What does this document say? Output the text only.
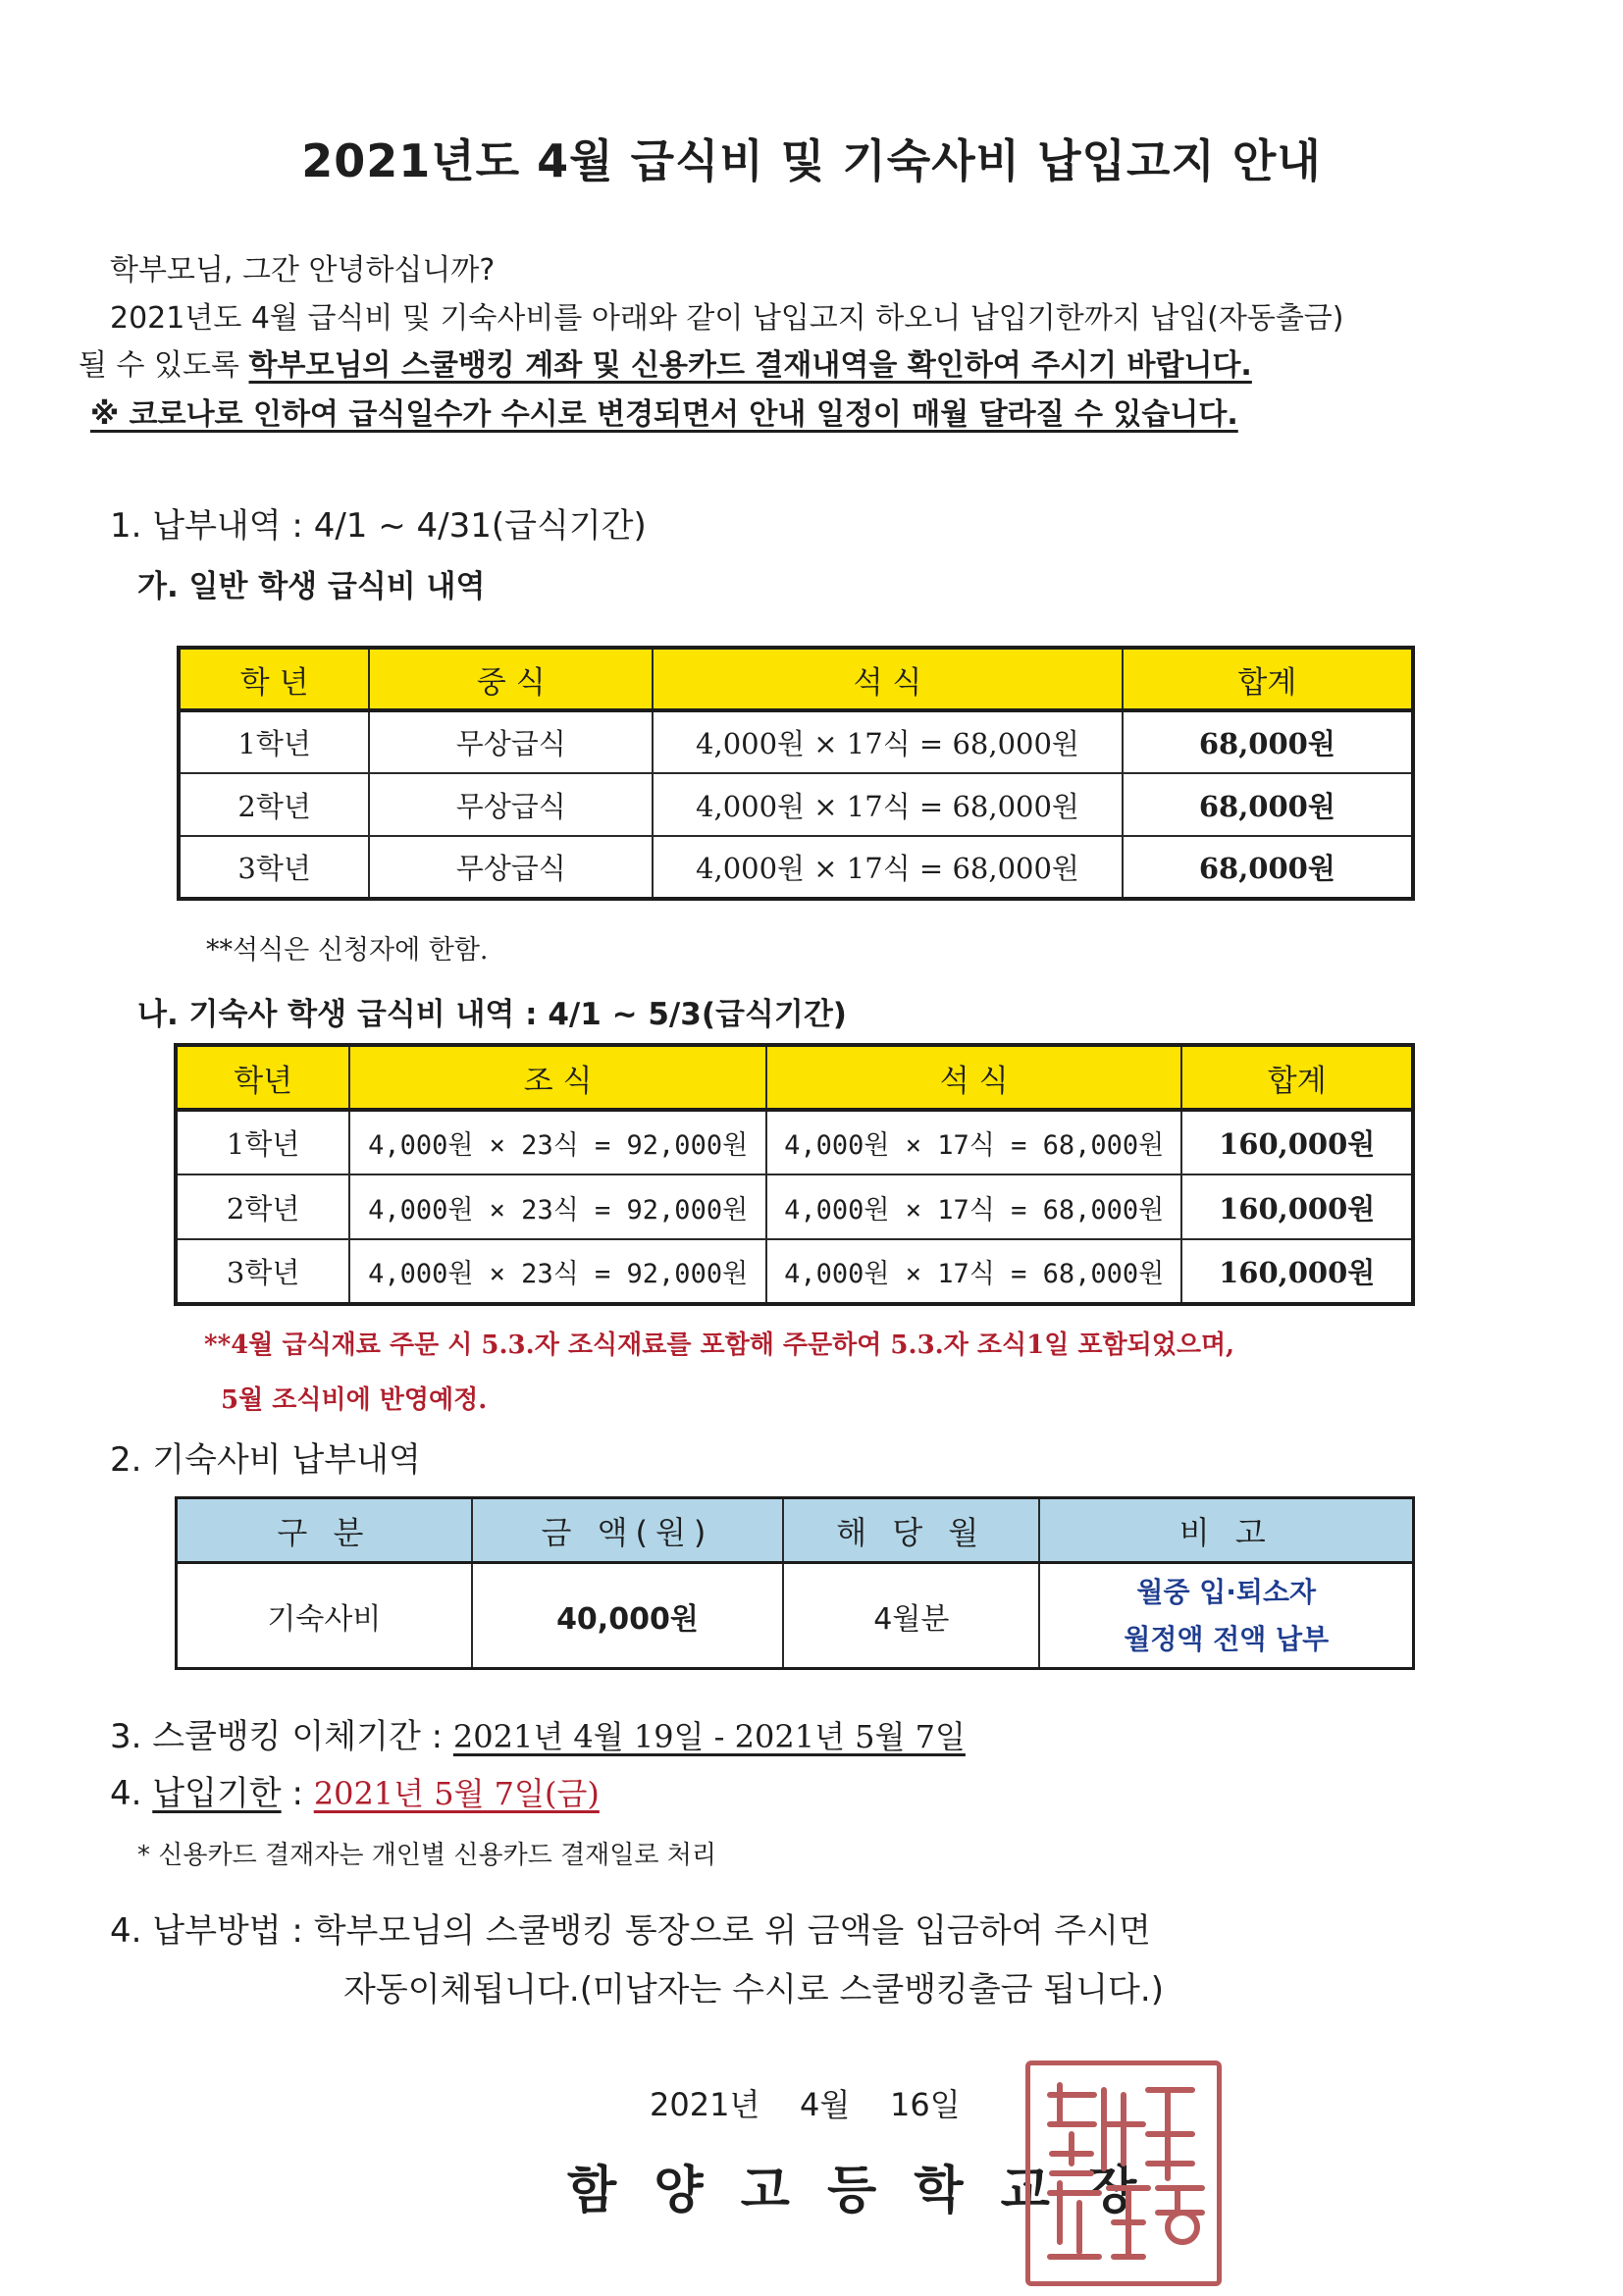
2021년도 4월 급식비 및 기숙사비 납입고지 안내
학부모님, 그간 안녕하십니까?
2021년도 4월 급식비 및 기숙사비를 아래와 같이 납입고지 하오니 납입기한까지 납입(자동출금)
될 수 있도록 학부모님의 스쿨뱅킹 계좌 및 신용카드 결재내역을 확인하여 주시기 바랍니다.
※ 코로나로 인하여 급식일수가 수시로 변경되면서 안내 일정이 매월 달라질 수 있습니다.
1. 납부내역 : 4/1 ~ 4/31(급식기간)
가. 일반 학생 급식비 내역
학 년	중 식	석 식	합계
1학년	무상급식	4,000원 × 17식 = 68,000원	68,000원
2학년	무상급식	4,000원 × 17식 = 68,000원	68,000원
3학년	무상급식	4,000원 × 17식 = 68,000원	68,000원
**석식은 신청자에 한함.
나. 기숙사 학생 급식비 내역 : 4/1 ~ 5/3(급식기간)
학년	조 식	석 식	합계
1학년	4,000원 × 23식 = 92,000원	4,000원 × 17식 = 68,000원	160,000원
2학년	4,000원 × 23식 = 92,000원	4,000원 × 17식 = 68,000원	160,000원
3학년	4,000원 × 23식 = 92,000원	4,000원 × 17식 = 68,000원	160,000원
**4월 급식재료 주문 시 5.3.자 조식재료를 포함해 주문하여 5.3.자 조식1일 포함되었으며,
5월 조식비에 반영예정.
2. 기숙사비 납부내역
구 분	금 액(원)	해 당 월	비 고
기숙사비	40,000원	4월분	월중 입·퇴소자
월정액 전액 납부
3. 스쿨뱅킹 이체기간 : 2021년 4월 19일 - 2021년 5월 7일
4. 납입기한 : 2021년 5월 7일(금)
* 신용카드 결재자는 개인별 신용카드 결재일로 처리
4. 납부방법 : 학부모님의 스쿨뱅킹 통장으로 위 금액을 입금하여 주시면
자동이체됩니다.(미납자는 수시로 스쿨뱅킹출금 됩니다.)
2021년    4월    16일
함 양 고 등 학 교 장
